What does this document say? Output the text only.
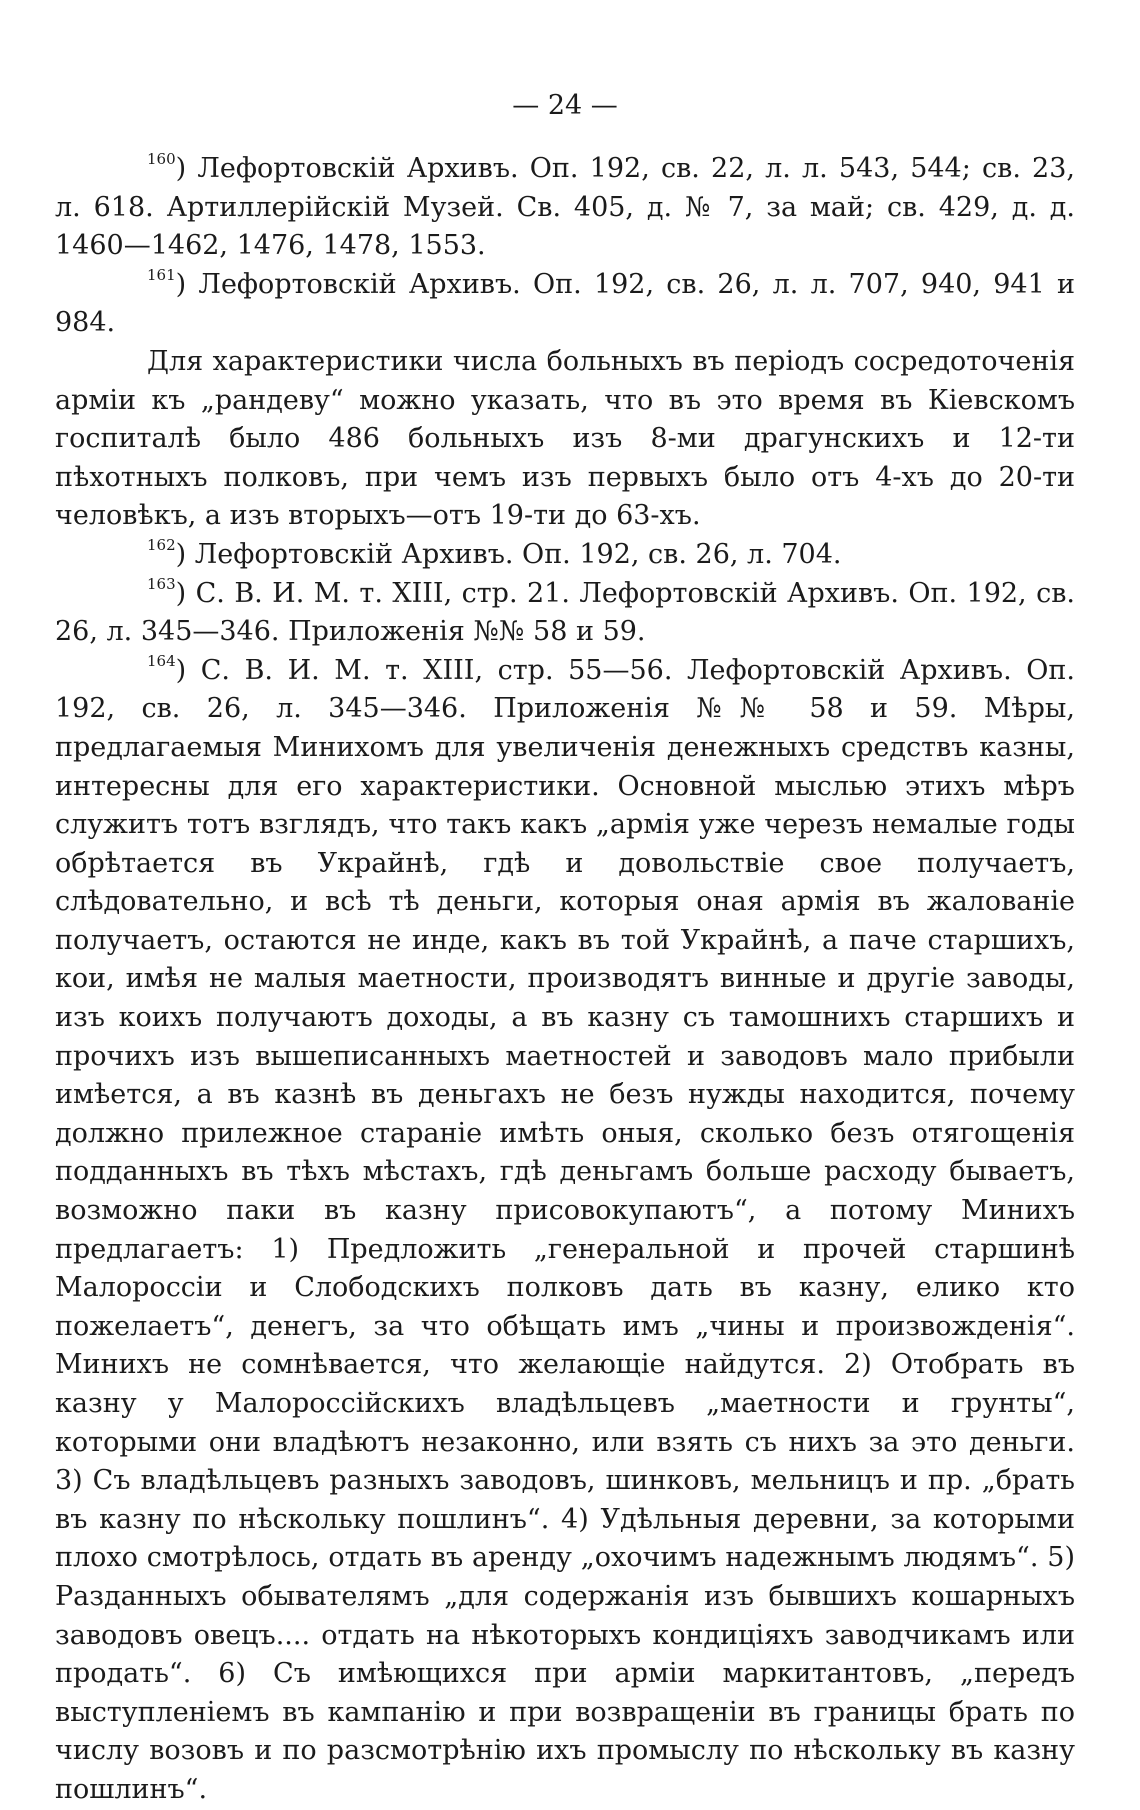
— 24 —

$^{160}$) Лефортовскій Архивъ. Оп. 192, св. 22, л. л. 543, 544; св. 23, л. 618. Артиллерійскій Музей. Св. 405, д. № 7, за май; св. 429, д. д. 1460—1462, 1476, 1478, 1553.

$^{161}$) Лефортовскій Архивъ. Оп. 192, св. 26, л. л. 707, 940, 941 и 984.

Для характеристики числа больныхъ въ періодъ сосредоточенія арміи къ „рандеву“ можно указать, что въ это время въ Кіевскомъ госпиталѣ было 486 больныхъ изъ 8-ми драгунскихъ и 12-ти пѣхотныхъ полковъ, при чемъ изъ первыхъ было отъ 4-хъ до 20-ти человѣкъ, а изъ вторыхъ—отъ 19-ти до 63-хъ.

$^{162}$) Лефортовскій Архивъ. Оп. 192, св. 26, л. 704.

$^{163}$) С. В. И. М. т. XIII, стр. 21. Лефортовскій Архивъ. Оп. 192, св. 26, л. 345—346. Приложенія №№ 58 и 59.

$^{164}$) С. В. И. М. т. XIII, стр. 55—56. Лефортовскій Архивъ. Оп. 192, св. 26, л. 345—346. Приложенія №№ 58 и 59. Мѣры, предлагаемыя Минихомъ для увеличенія денежныхъ средствъ казны, интересны для его характеристики. Основной мыслью этихъ мѣръ служитъ тотъ взглядъ, что такъ какъ „армія уже черезъ немалые годы обрѣтается въ Украйнѣ, гдѣ и довольствіе свое получаетъ, слѣдовательно, и всѣ тѣ деньги, которыя оная армія въ жалованіе получаетъ, остаются не инде, какъ въ той Украйнѣ, а паче старшихъ, кои, имѣя не малыя маетности, производятъ винные и другіе заводы, изъ коихъ получаютъ доходы, а въ казну съ тамошнихъ старшихъ и прочихъ изъ вышеписанныхъ маетностей и заводовъ мало прибыли имѣется, а въ казнѣ въ деньгахъ не безъ нужды находится, почему должно прилежное стараніе имѣть оныя, сколько безъ отягощенія подданныхъ въ тѣхъ мѣстахъ, гдѣ деньгамъ больше расходу бываетъ, возможно паки въ казну присовокупаютъ“, а потому Минихъ предлагаетъ: 1) Предложить „генеральной и прочей старшинѣ Малороссіи и Слободскихъ полковъ дать въ казну, елико кто пожелаетъ“, денегъ, за что обѣщать имъ „чины и произвожденія“. Минихъ не сомнѣвается, что желающіе найдутся. 2) Отобрать въ казну у Малороссійскихъ владѣльцевъ „маетности и грунты“, которыми они владѣютъ незаконно, или взять съ нихъ за это деньги. 3) Съ владѣльцевъ разныхъ заводовъ, шинковъ, мельницъ и пр. „брать въ казну по нѣскольку пошлинъ“. 4) Удѣльныя деревни, за которыми плохо смотрѣлось, отдать въ аренду „охочимъ надежнымъ людямъ“. 5) Разданныхъ обывателямъ „для содержанія изъ бывшихъ кошарныхъ заводовъ овецъ.... отдать на нѣкоторыхъ кондиціяхъ заводчикамъ или продать“. 6) Съ имѣющихся при арміи маркитантовъ, „передъ выступленіемъ въ кампанію и при возвращеніи въ границы брать по числу возовъ и по разсмотрѣнію ихъ промыслу по нѣскольку въ казну пошлинъ“.
